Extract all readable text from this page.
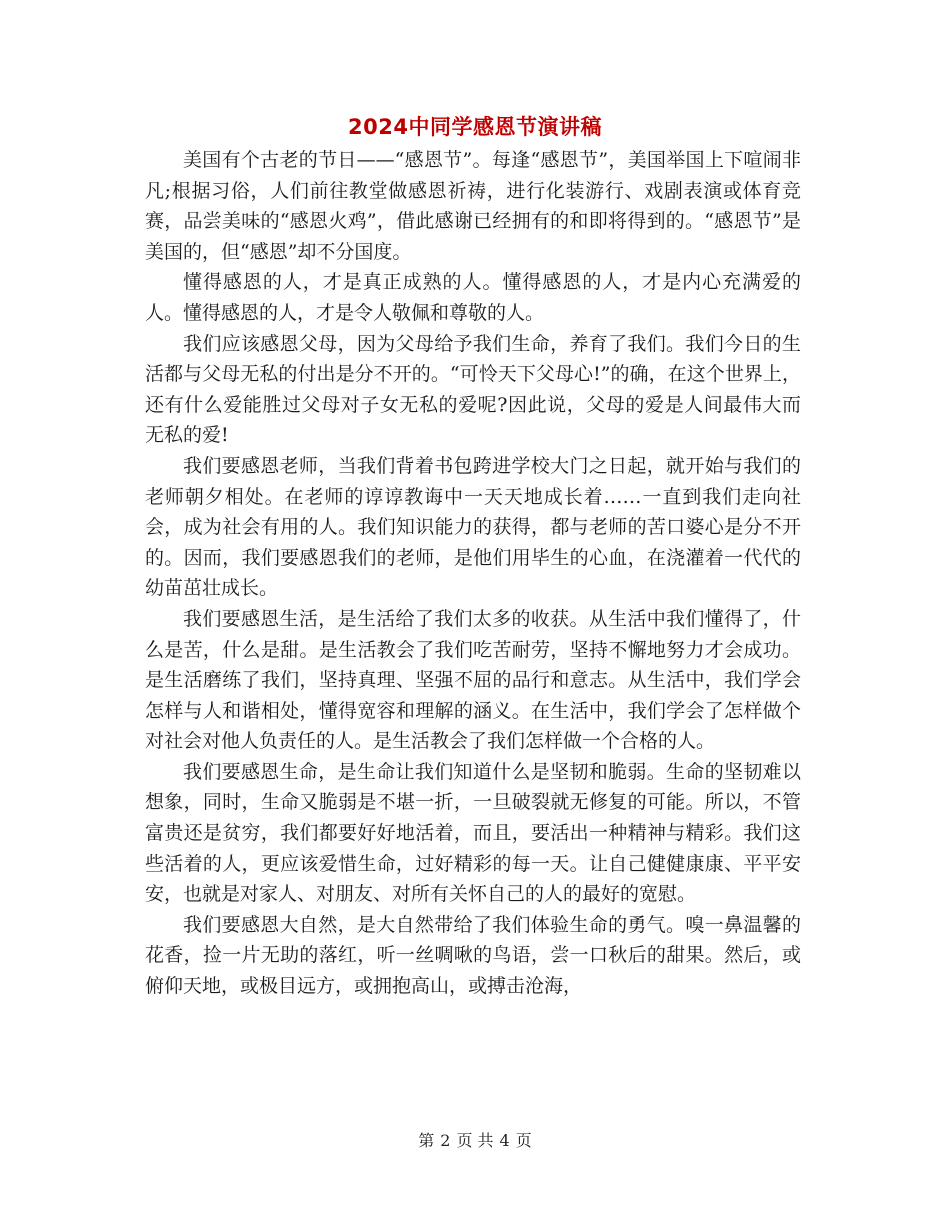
2024中同学感恩节演讲稿

美国有个古老的节日——“感恩节”。每逢“感恩节”，美国举国上下喧闹非凡;根据习俗，人们前往教堂做感恩祈祷，进行化装游行、戏剧表演或体育竞赛，品尝美味的“感恩火鸡”，借此感谢已经拥有的和即将得到的。“感恩节”是美国的，但“感恩”却不分国度。

懂得感恩的人，才是真正成熟的人。懂得感恩的人，才是内心充满爱的人。懂得感恩的人，才是令人敬佩和尊敬的人。

我们应该感恩父母，因为父母给予我们生命，养育了我们。我们今日的生活都与父母无私的付出是分不开的。“可怜天下父母心!”的确，在这个世界上，还有什么爱能胜过父母对子女无私的爱呢?因此说，父母的爱是人间最伟大而无私的爱!

我们要感恩老师，当我们背着书包跨进学校大门之日起，就开始与我们的老师朝夕相处。在老师的谆谆教诲中一天天地成长着……一直到我们走向社会，成为社会有用的人。我们知识能力的获得，都与老师的苦口婆心是分不开的。因而，我们要感恩我们的老师，是他们用毕生的心血，在浇灌着一代代的幼苗茁壮成长。

我们要感恩生活，是生活给了我们太多的收获。从生活中我们懂得了，什么是苦，什么是甜。是生活教会了我们吃苦耐劳，坚持不懈地努力才会成功。是生活磨练了我们，坚持真理、坚强不屈的品行和意志。从生活中，我们学会怎样与人和谐相处，懂得宽容和理解的涵义。在生活中，我们学会了怎样做个对社会对他人负责任的人。是生活教会了我们怎样做一个合格的人。

我们要感恩生命，是生命让我们知道什么是坚韧和脆弱。生命的坚韧难以想象，同时，生命又脆弱是不堪一折，一旦破裂就无修复的可能。所以，不管富贵还是贫穷，我们都要好好地活着，而且，要活出一种精神与精彩。我们这些活着的人，更应该爱惜生命，过好精彩的每一天。让自己健健康康、平平安安，也就是对家人、对朋友、对所有关怀自己的人的最好的宽慰。

我们要感恩大自然，是大自然带给了我们体验生命的勇气。嗅一鼻温馨的花香，捡一片无助的落红，听一丝啁啾的鸟语，尝一口秋后的甜果。然后，或俯仰天地，或极目远方，或拥抱高山，或搏击沧海，

第 2 页 共 4 页
